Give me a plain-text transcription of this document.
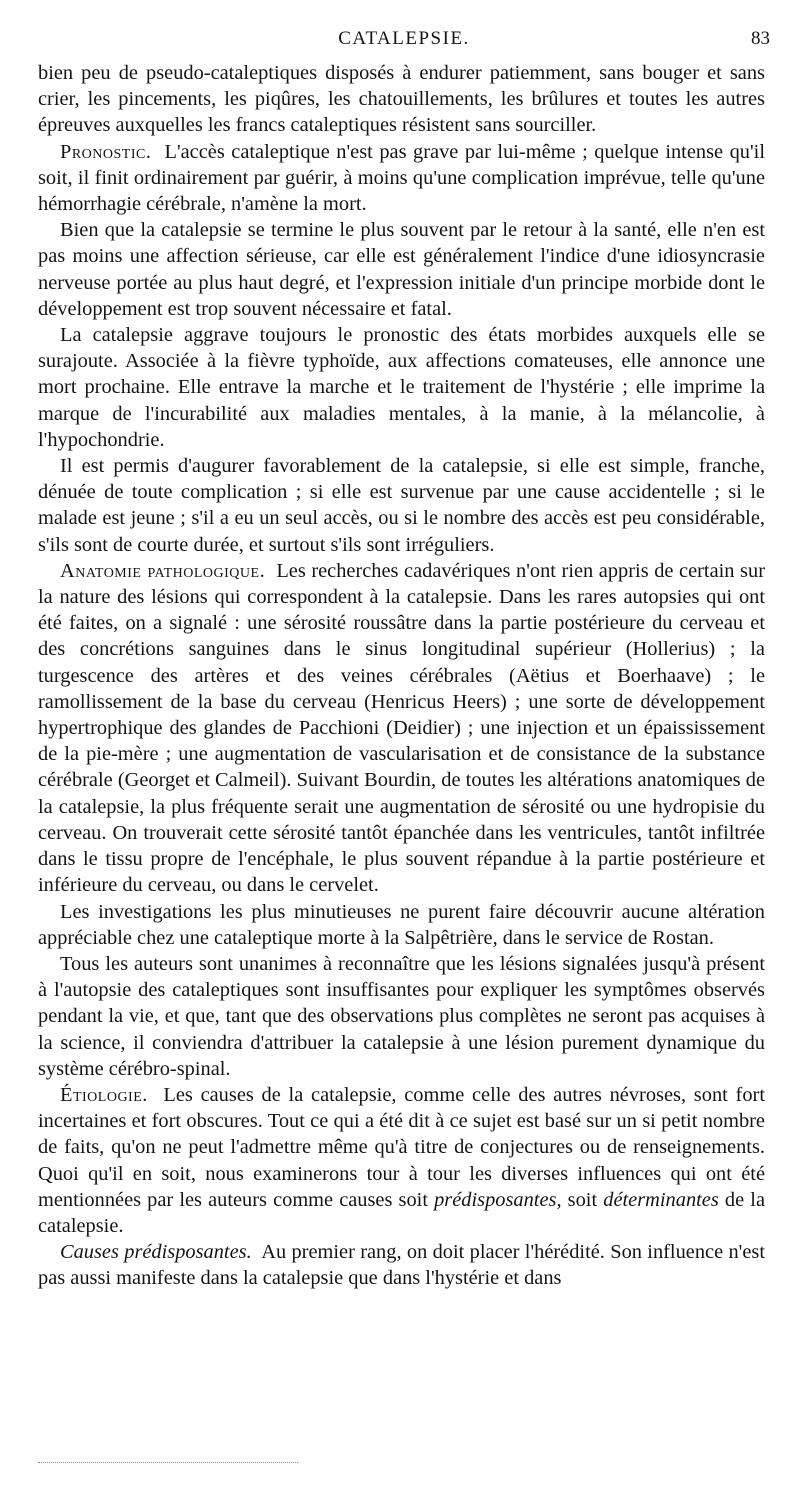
CATALEPSIE.	83

bien peu de pseudo-cataleptiques disposés à endurer patiemment, sans bouger et sans crier, les pincements, les piqûres, les chatouillements, les brûlures et toutes les autres épreuves auxquelles les francs cataleptiques résistent sans sourciller.

Pronostic. L'accès cataleptique n'est pas grave par lui-même ; quelque intense qu'il soit, il finit ordinairement par guérir, à moins qu'une complication imprévue, telle qu'une hémorrhagie cérébrale, n'amène la mort.

Bien que la catalepsie se termine le plus souvent par le retour à la santé, elle n'en est pas moins une affection sérieuse, car elle est généralement l'indice d'une idiosyncrasie nerveuse portée au plus haut degré, et l'expression initiale d'un principe morbide dont le développement est trop souvent nécessaire et fatal.

La catalepsie aggrave toujours le pronostic des états morbides auxquels elle se surajoute. Associée à la fièvre typhoïde, aux affections comateuses, elle annonce une mort prochaine. Elle entrave la marche et le traitement de l'hystérie ; elle imprime la marque de l'incurabilité aux maladies mentales, à la manie, à la mélancolie, à l'hypochondrie.

Il est permis d'augurer favorablement de la catalepsie, si elle est simple, franche, dénuée de toute complication ; si elle est survenue par une cause accidentelle ; si le malade est jeune ; s'il a eu un seul accès, ou si le nombre des accès est peu considérable, s'ils sont de courte durée, et surtout s'ils sont irréguliers.

Anatomie pathologique. Les recherches cadavériques n'ont rien appris de certain sur la nature des lésions qui correspondent à la catalepsie. Dans les rares autopsies qui ont été faites, on a signalé : une sérosité roussâtre dans la partie postérieure du cerveau et des concrétions sanguines dans le sinus longitudinal supérieur (Hollerius) ; la turgescence des artères et des veines cérébrales (Aëtius et Boerhaave) ; le ramollissement de la base du cerveau (Henricus Heers) ; une sorte de développement hypertrophique des glandes de Pacchioni (Deidier) ; une injection et un épaississement de la pie-mère ; une augmentation de vascularisation et de consistance de la substance cérébrale (Georget et Calmeil). Suivant Bourdin, de toutes les altérations anatomiques de la catalepsie, la plus fréquente serait une augmentation de sérosité ou une hydropisie du cerveau. On trouverait cette sérosité tantôt épanchée dans les ventricules, tantôt infiltrée dans le tissu propre de l'encéphale, le plus souvent répandue à la partie postérieure et inférieure du cerveau, ou dans le cervelet.

Les investigations les plus minutieuses ne purent faire découvrir aucune altération appréciable chez une cataleptique morte à la Salpêtrière, dans le service de Rostan.

Tous les auteurs sont unanimes à reconnaître que les lésions signalées jusqu'à présent à l'autopsie des cataleptiques sont insuffisantes pour expliquer les symptômes observés pendant la vie, et que, tant que des observations plus complètes ne seront pas acquises à la science, il conviendra d'attribuer la catalepsie à une lésion purement dynamique du système cérébro-spinal.

Étiologie. Les causes de la catalepsie, comme celle des autres névroses, sont fort incertaines et fort obscures. Tout ce qui a été dit à ce sujet est basé sur un si petit nombre de faits, qu'on ne peut l'admettre même qu'à titre de conjectures ou de renseignements. Quoi qu'il en soit, nous examinerons tour à tour les diverses influences qui ont été mentionnées par les auteurs comme causes soit prédisposantes, soit déterminantes de la catalepsie.

Causes prédisposantes. Au premier rang, on doit placer l'hérédité. Son influence n'est pas aussi manifeste dans la catalepsie que dans l'hystérie et dans
